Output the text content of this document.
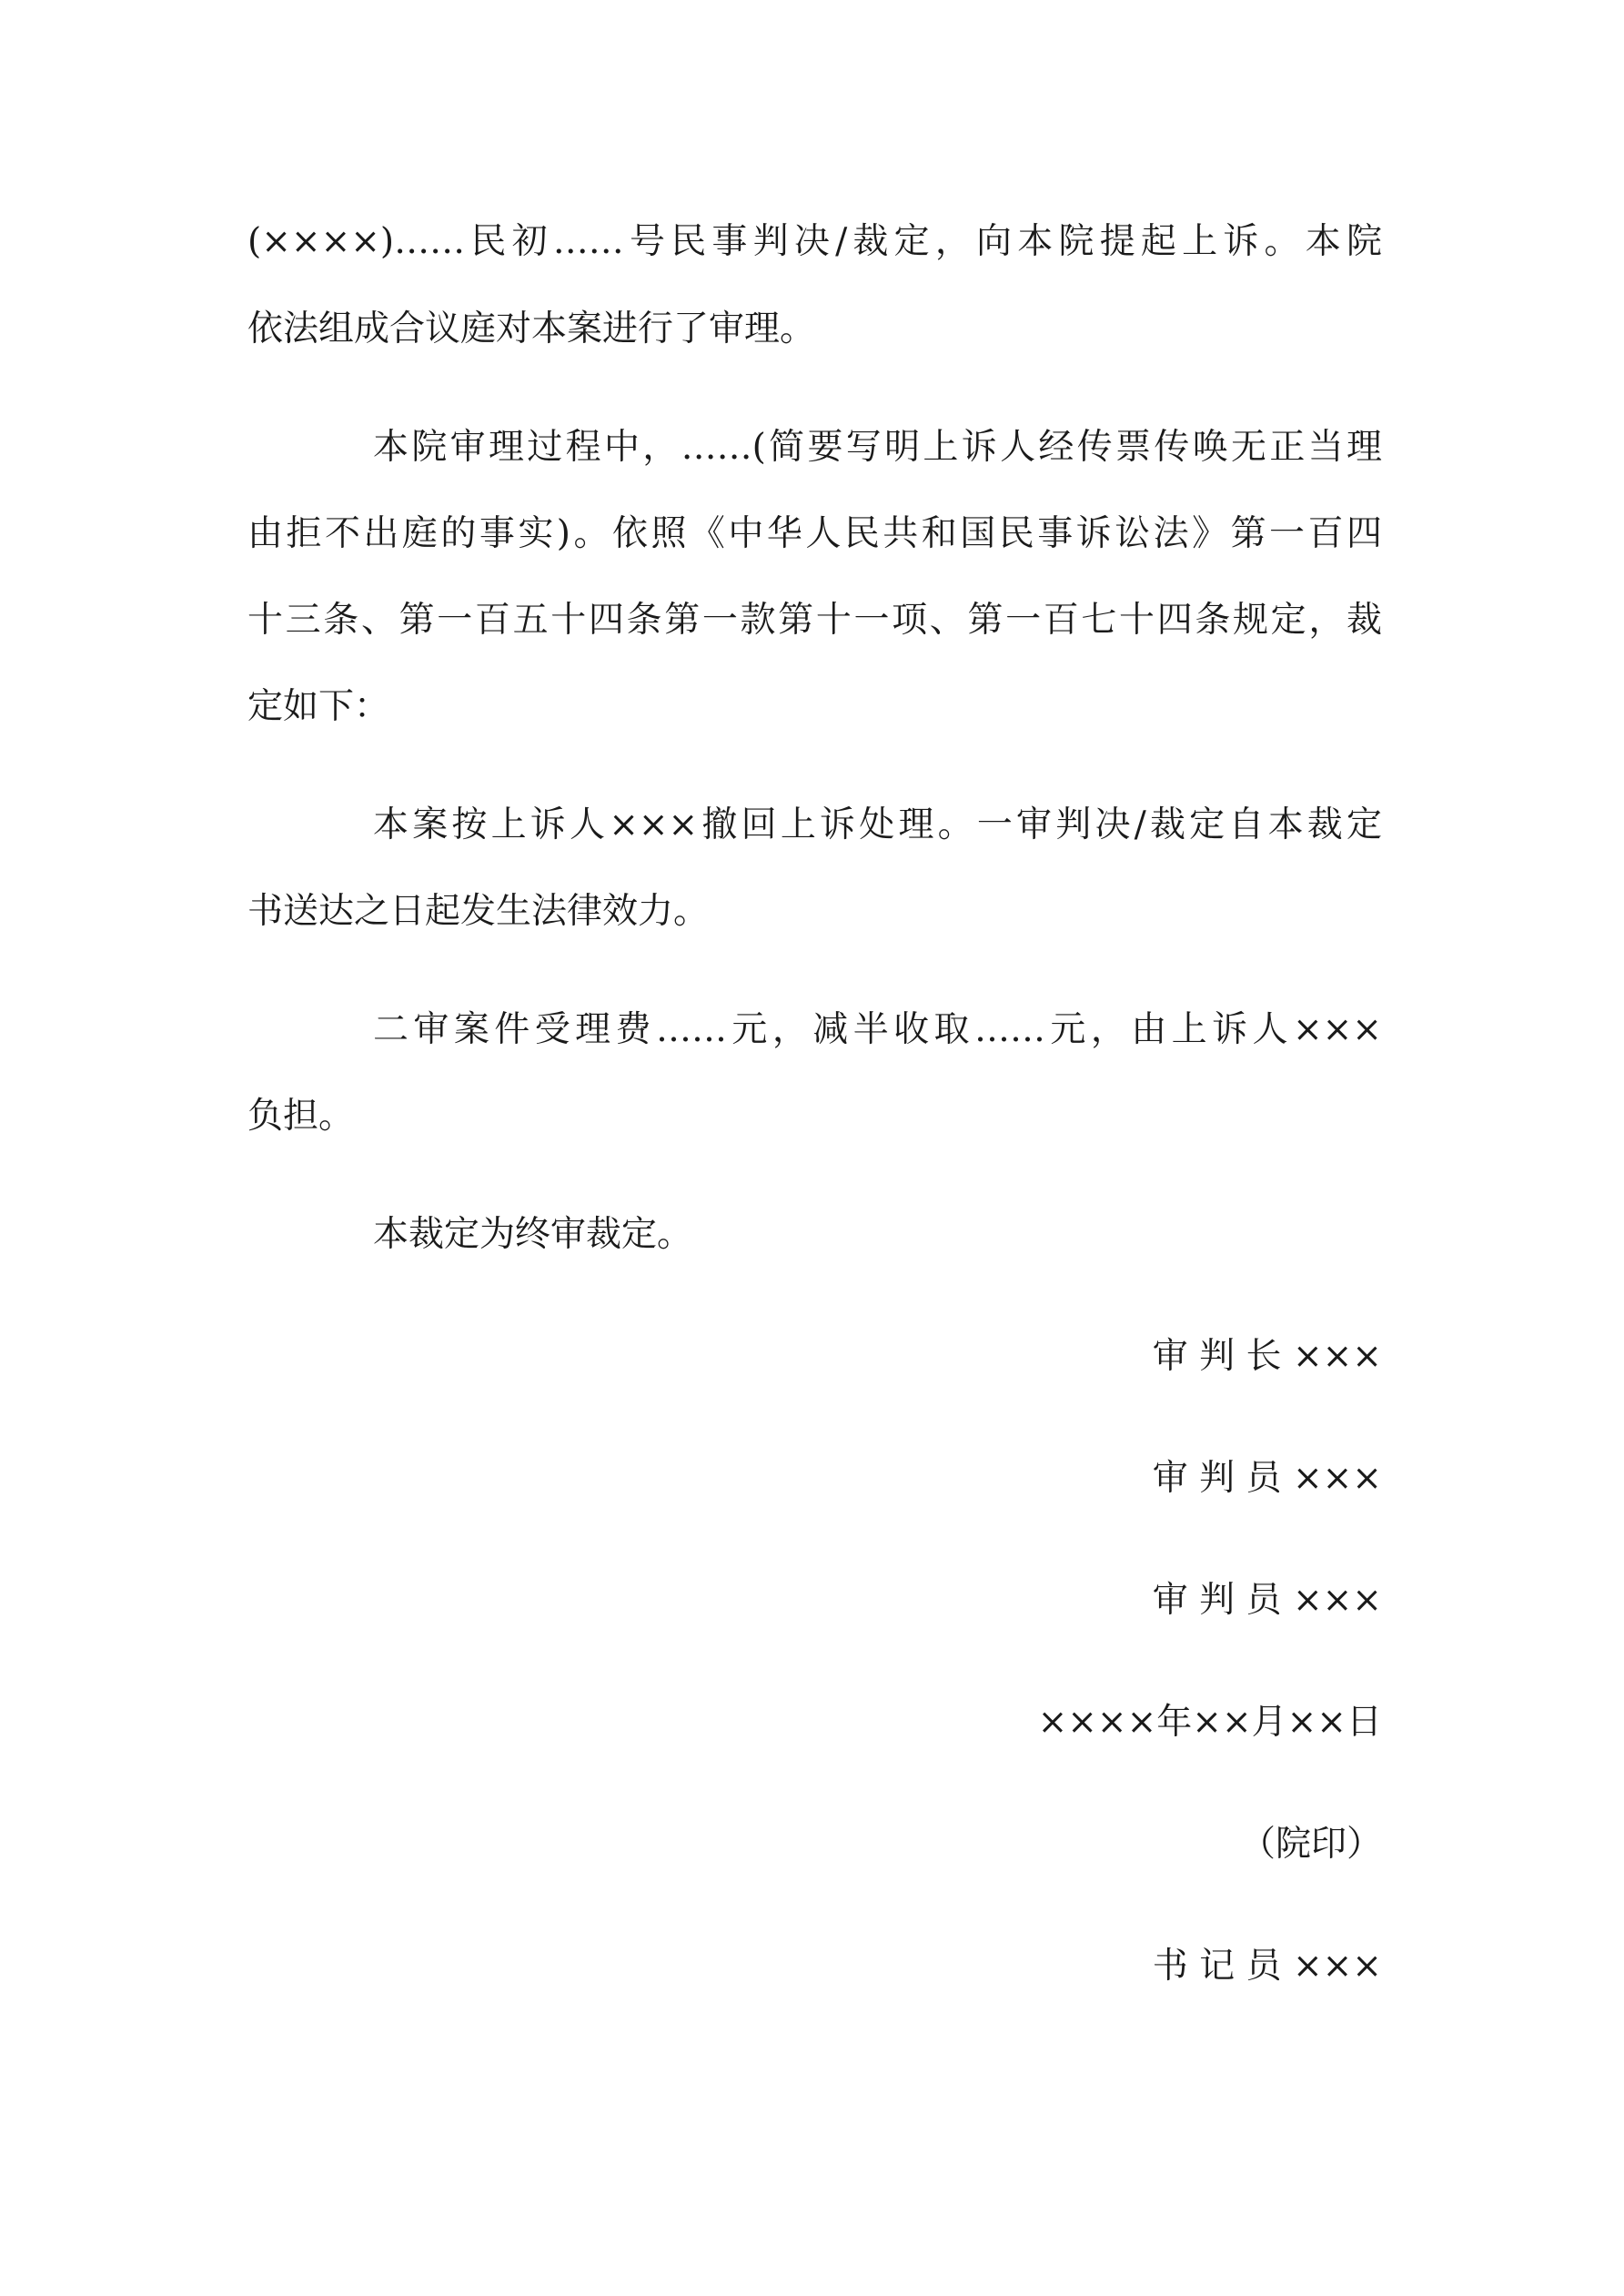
(××××)……民初……号民事判决/裁定，向本院提起上诉。本院
依法组成合议庭对本案进行了审理。
本院审理过程中，……(简要写明上诉人经传票传唤无正当理
由拒不出庭的事实)。依照《中华人民共和国民事诉讼法》第一百四
十三条、第一百五十四条第一款第十一项、第一百七十四条规定，裁
定如下：
本案按上诉人×××撤回上诉处理。一审判决/裁定自本裁定
书送达之日起发生法律效力。
二审案件受理费……元，减半收取……元，由上诉人×××
负担。
本裁定为终审裁定。
审 判 长 ×××
审 判 员 ×××
审 判 员 ×××
××××年××月××日
（院印）
书 记 员 ×××
